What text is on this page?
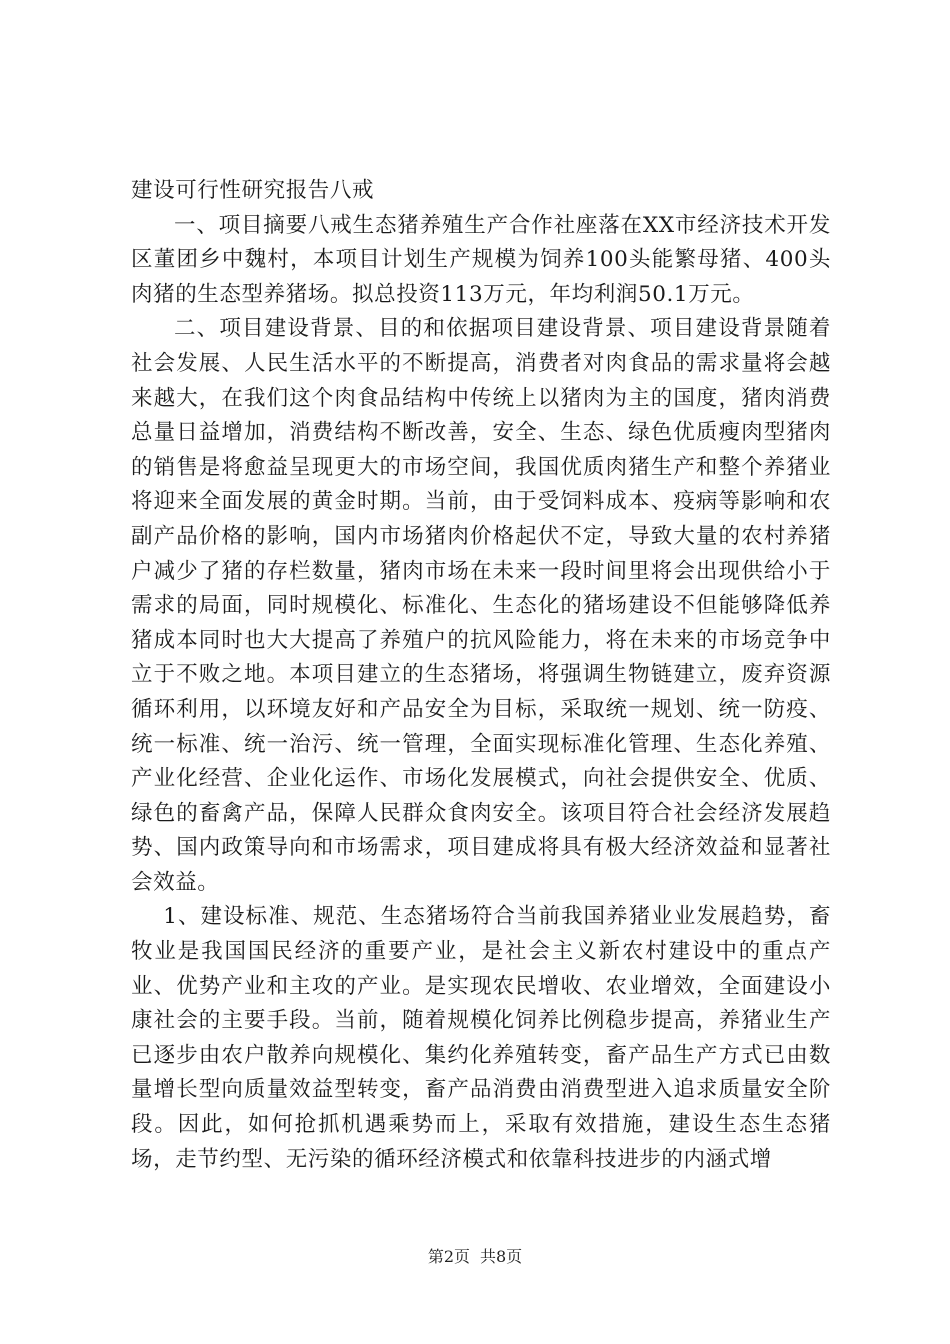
建设可行性研究报告八戒

一、项目摘要八戒生态猪养殖生产合作社座落在XX市经济技术开发区董团乡中魏村，本项目计划生产规模为饲养100头能繁母猪、400头肉猪的生态型养猪场。拟总投资113万元，年均利润50.1万元。

二、项目建设背景、目的和依据项目建设背景、项目建设背景随着社会发展、人民生活水平的不断提高，消费者对肉食品的需求量将会越来越大，在我们这个肉食品结构中传统上以猪肉为主的国度，猪肉消费总量日益增加，消费结构不断改善，安全、生态、绿色优质瘦肉型猪肉的销售是将愈益呈现更大的市场空间，我国优质肉猪生产和整个养猪业将迎来全面发展的黄金时期。当前，由于受饲料成本、疫病等影响和农副产品价格的影响，国内市场猪肉价格起伏不定，导致大量的农村养猪户减少了猪的存栏数量，猪肉市场在未来一段时间里将会出现供给小于需求的局面，同时规模化、标准化、生态化的猪场建设不但能够降低养猪成本同时也大大提高了养殖户的抗风险能力，将在未来的市场竞争中立于不败之地。本项目建立的生态猪场，将强调生物链建立，废弃资源循环利用，以环境友好和产品安全为目标，采取统一规划、统一防疫、统一标准、统一治污、统一管理，全面实现标准化管理、生态化养殖、产业化经营、企业化运作、市场化发展模式，向社会提供安全、优质、绿色的畜禽产品，保障人民群众食肉安全。该项目符合社会经济发展趋势、国内政策导向和市场需求，项目建成将具有极大经济效益和显著社会效益。

1、建设标准、规范、生态猪场符合当前我国养猪业业发展趋势，畜牧业是我国国民经济的重要产业，是社会主义新农村建设中的重点产业、优势产业和主攻的产业。是实现农民增收、农业增效，全面建设小康社会的主要手段。当前，随着规模化饲养比例稳步提高，养猪业生产已逐步由农户散养向规模化、集约化养殖转变，畜产品生产方式已由数量增长型向质量效益型转变，畜产品消费由消费型进入追求质量安全阶段。因此，如何抢抓机遇乘势而上，采取有效措施，建设生态生态猪场，走节约型、无污染的循环经济模式和依靠科技进步的内涵式增

第2页 共8页
